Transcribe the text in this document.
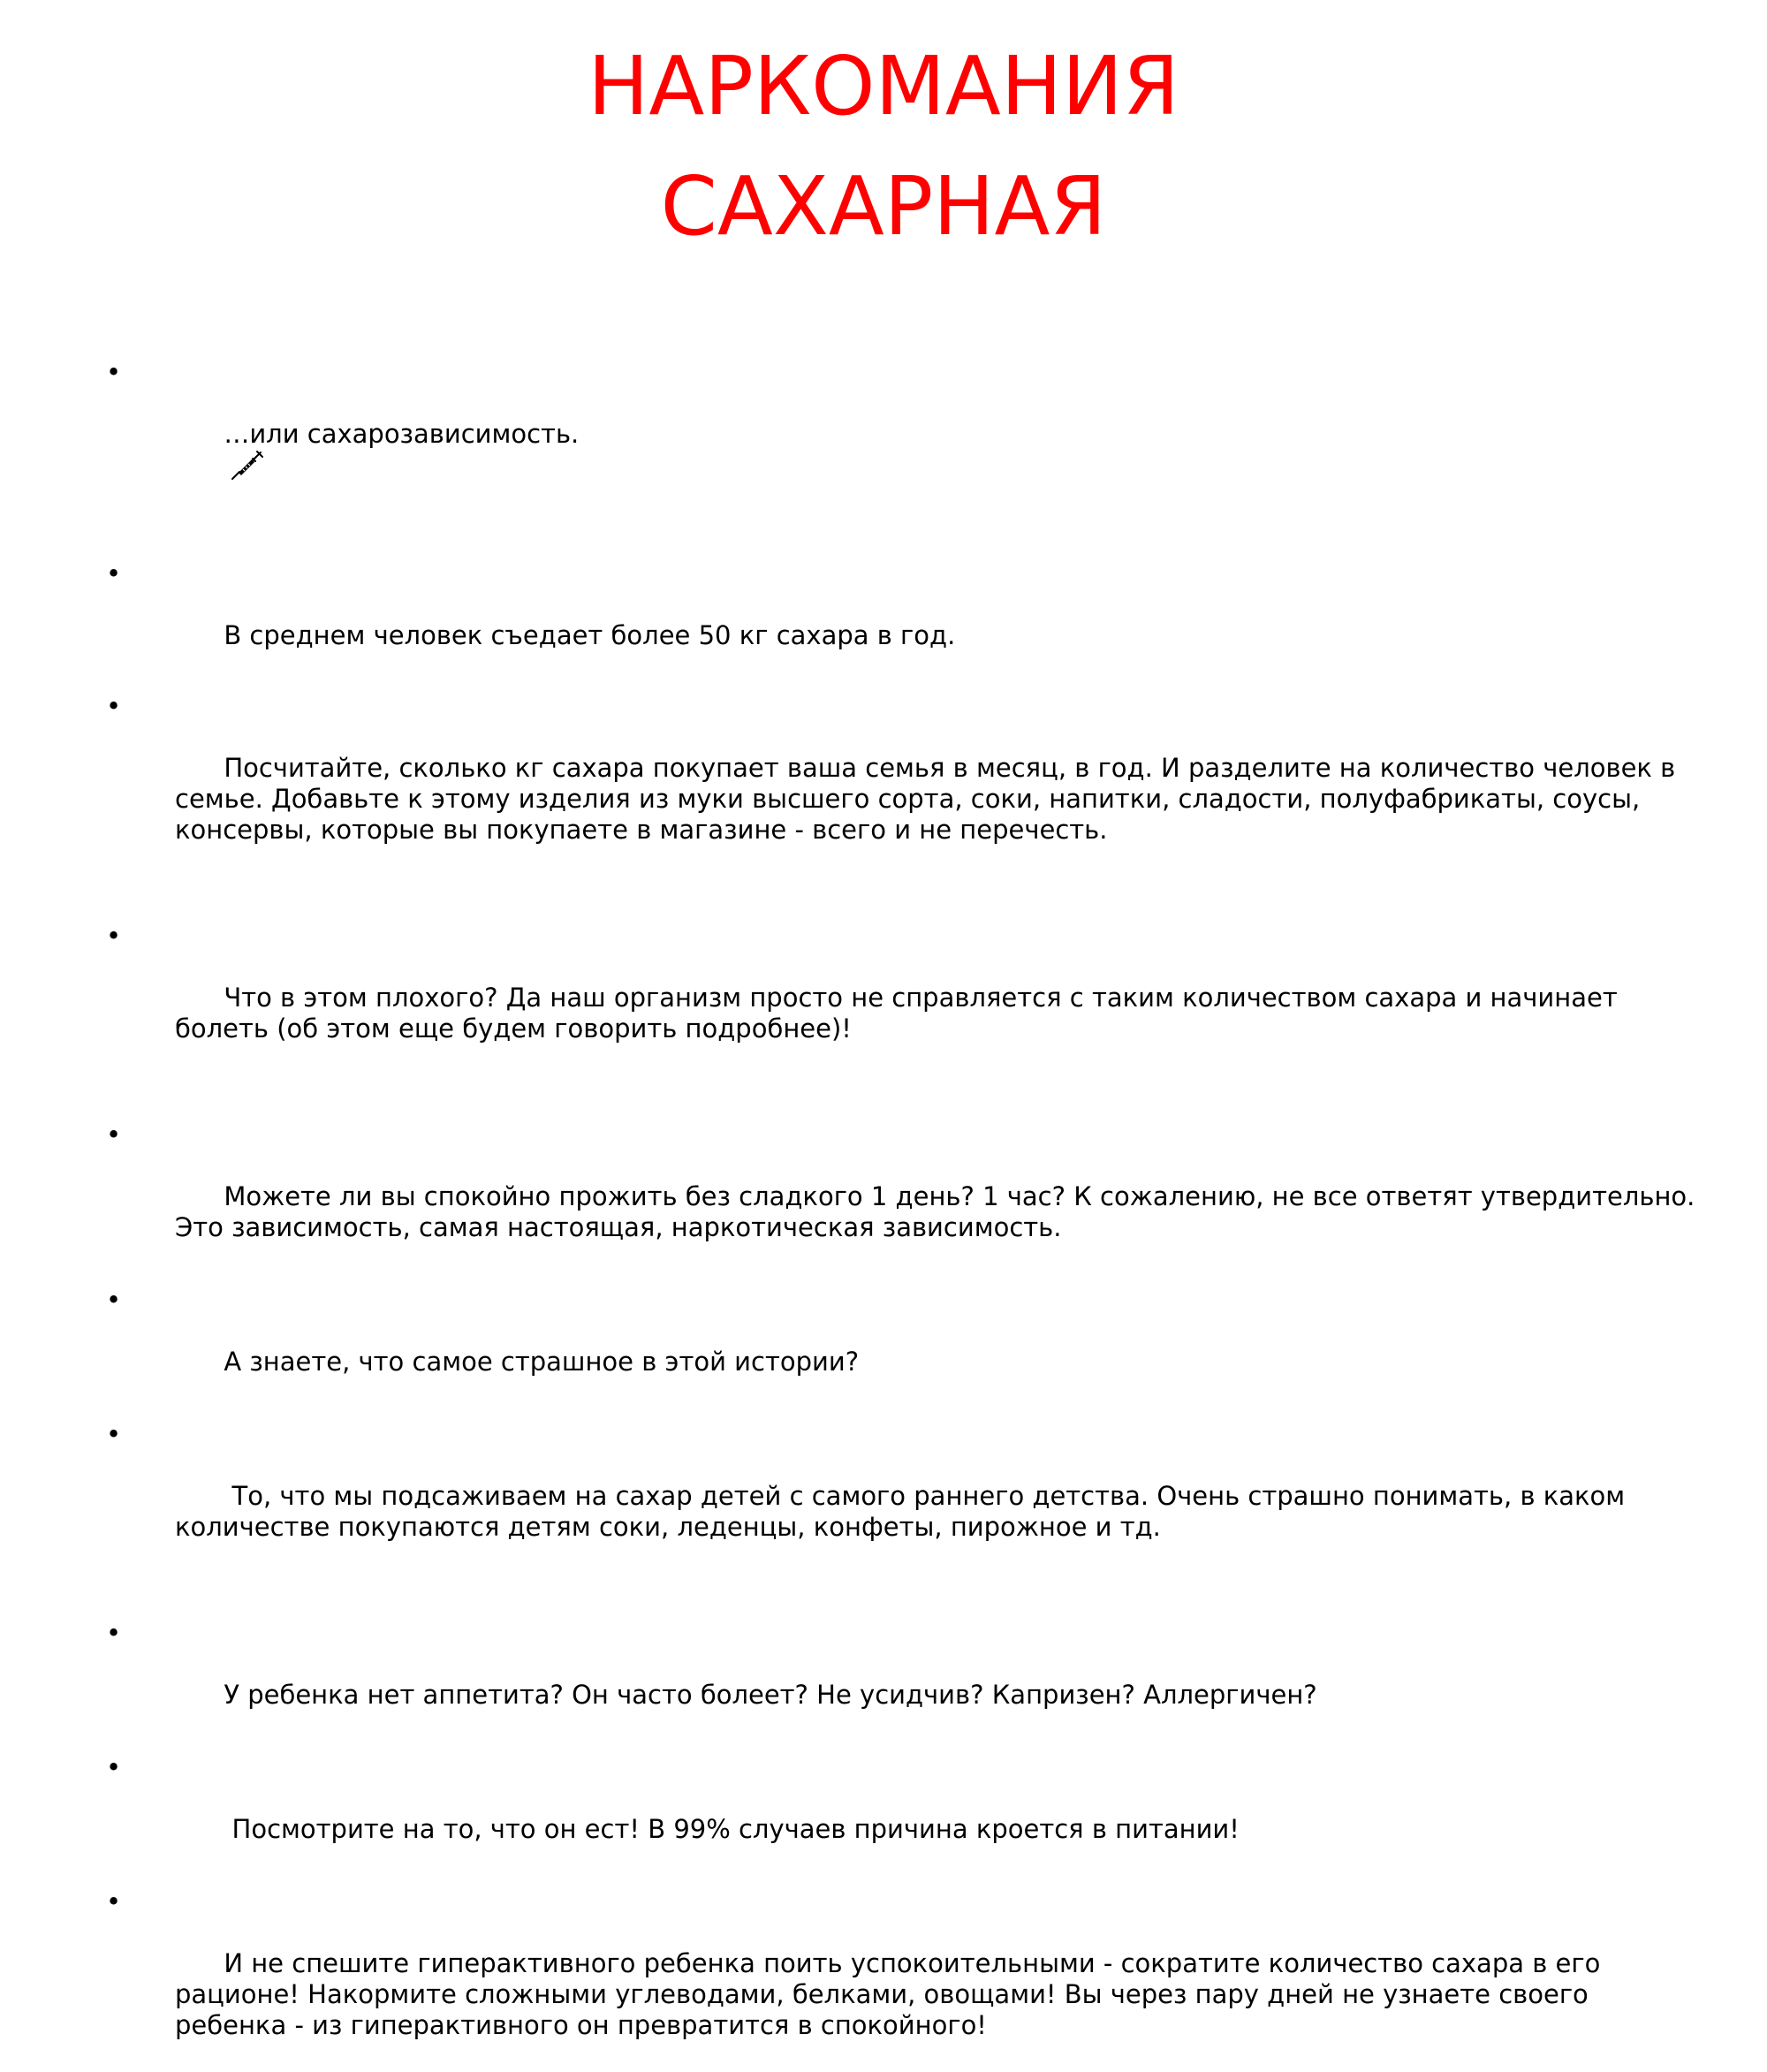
НАРКОМАНИЯ
САХАРНАЯ

•

…или сахарозависимость.

•

В среднем человек съедает более 50 кг сахара в год.

•

Посчитайте, сколько кг сахара покупает ваша семья в месяц, в год. И разделите на количество человек в семье. Добавьте к этому изделия из муки высшего сорта, соки, напитки, сладости, полуфабрикаты, соусы, консервы, которые вы покупаете в магазине - всего и не перечесть.

•

Что в этом плохого? Да наш организм просто не справляется с таким количеством сахара и начинает болеть (об этом еще будем говорить подробнее)!

•

Можете ли вы спокойно прожить без сладкого 1 день? 1 час? К сожалению, не все ответят утвердительно. Это зависимость, самая настоящая, наркотическая зависимость.

•

А знаете, что самое страшное в этой истории?

•

То, что мы подсаживаем на сахар детей с самого раннего детства. Очень страшно понимать, в каком количестве покупаются детям соки, леденцы, конфеты, пирожное и тд.

•

У ребенка нет аппетита? Он часто болеет? Не усидчив? Капризен? Аллергичен?

•

Посмотрите на то, что он ест! В 99% случаев причина кроется в питании!

•

И не спешите гиперактивного ребенка поить успокоительными - сократите количество сахара в его рационе! Накормите сложными углеводами, белками, овощами! Вы через пару дней не узнаете своего ребенка - из гиперактивного он превратится в спокойного!
